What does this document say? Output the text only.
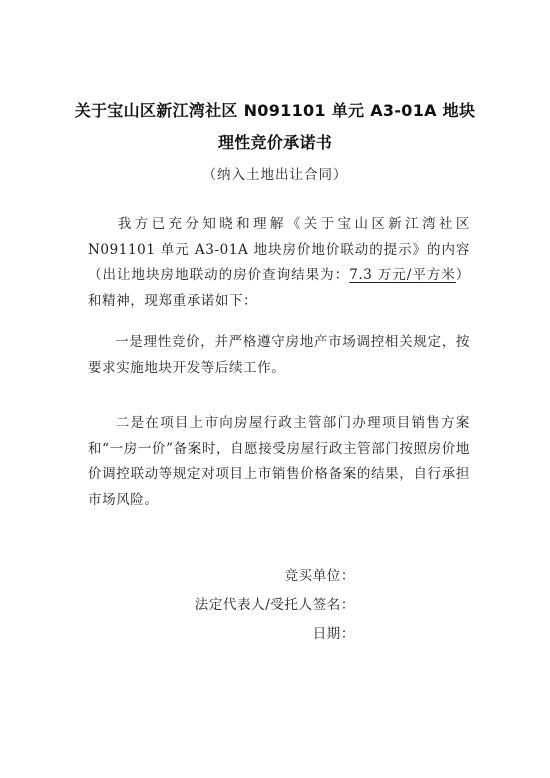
关于宝山区新江湾社区 N091101 单元 A3-01A 地块
理性竞价承诺书

（纳入土地出让合同）

我方已充分知晓和理解《关于宝山区新江湾社区 N091101 单元 A3-01A 地块房价地价联动的提示》的内容（出让地块房地联动的房价查询结果为：7.3 万元/平方米）和精神，现郑重承诺如下：

一是理性竞价，并严格遵守房地产市场调控相关规定，按要求实施地块开发等后续工作。

二是在项目上市向房屋行政主管部门办理项目销售方案和“一房一价”备案时，自愿接受房屋行政主管部门按照房价地价调控联动等规定对项目上市销售价格备案的结果，自行承担市场风险。

竞买单位：

法定代表人/受托人签名：

日期：
